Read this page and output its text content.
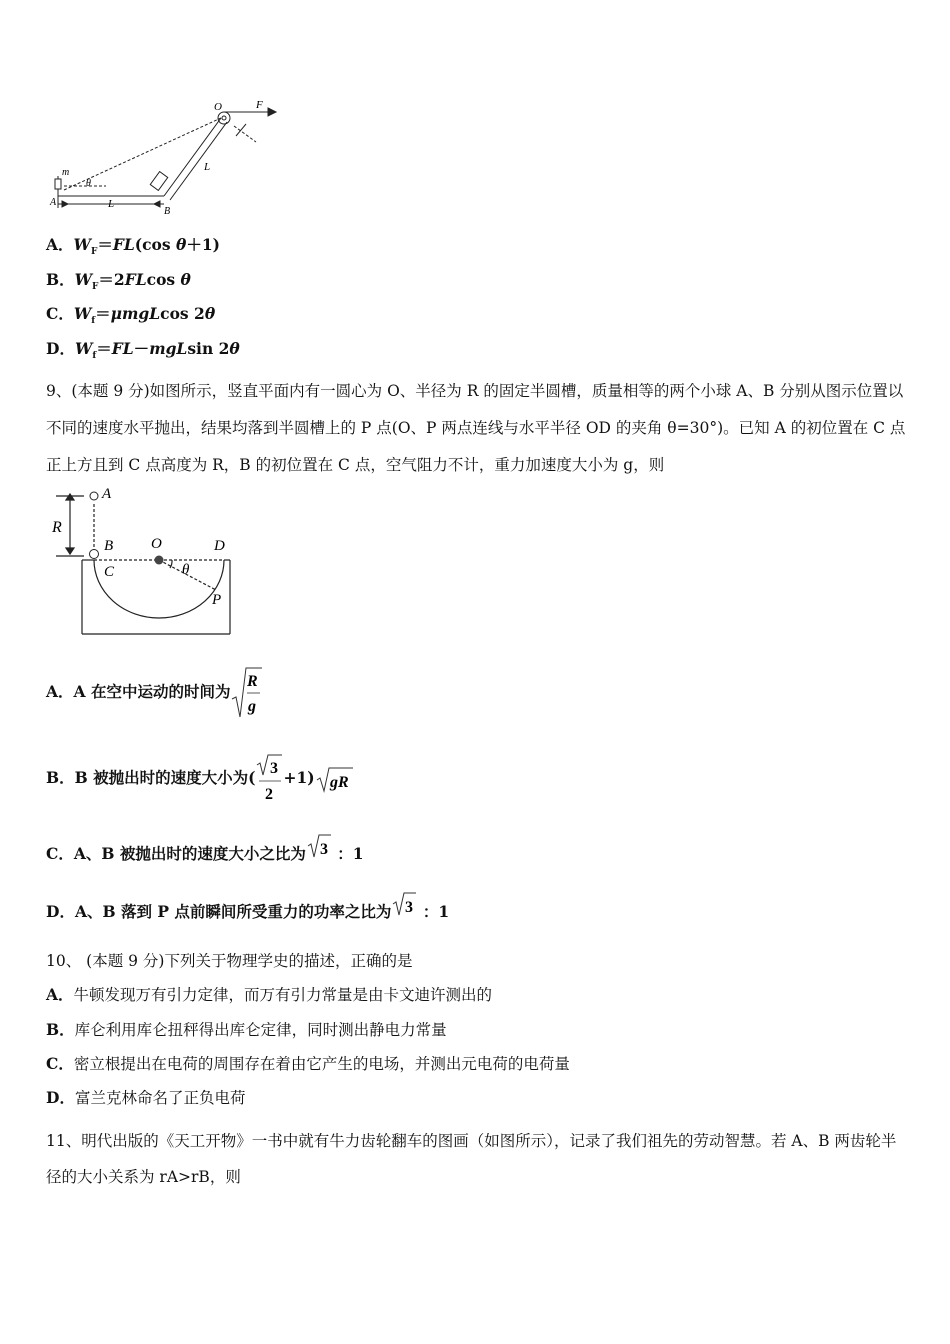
O	F
L
m
θ
A	L
B
A．$W_F=FL(\cos$ θ＋1)
B．$W_F=2FLcos$ θ
C．$W_f=\mu mgLcos$ 2θ
D．$W_f=FL-mgLsin$ 2θ
9、(本题 9 分)如图所示，竖直平面内有一圆心为 O、半径为 R 的固定半圆槽，质量相等的两个小球 A、B 分别从图示位置以不同的速度水平抛出，结果均落到半圆槽上的 P 点(O、P 两点连线与水平半径 OD 的夹角 θ=30°)。已知 A 的初位置在 C 点正上方且到 C 点高度为 R，B 的初位置在 C 点，空气阻力不计，重力加速度大小为 g，则
A
R
B	O	D
C	θ
P
A．A 在空中运动的时间为
R
g
B．B 被抛出时的速度大小为( 3
2
+1) gR
C．A、B 被抛出时的速度大小之比为 3 ：1
D．A、B 落到 P 点前瞬间所受重力的功率之比为 3 ：1
10、 (本题 9 分)下列关于物理学史的描述，正确的是
A．牛顿发现万有引力定律，而万有引力常量是由卡文迪许测出的
B．库仑利用库仑扭秤得出库仑定律，同时测出静电力常量
C．密立根提出在电荷的周围存在着由它产生的电场，并测出元电荷的电荷量
D．富兰克林命名了正负电荷
11、明代出版的《天工开物》一书中就有牛力齿轮翻车的图画（如图所示），记录了我们祖先的劳动智慧。若 A、B 两齿轮半径的大小关系为 rA>rB，则
